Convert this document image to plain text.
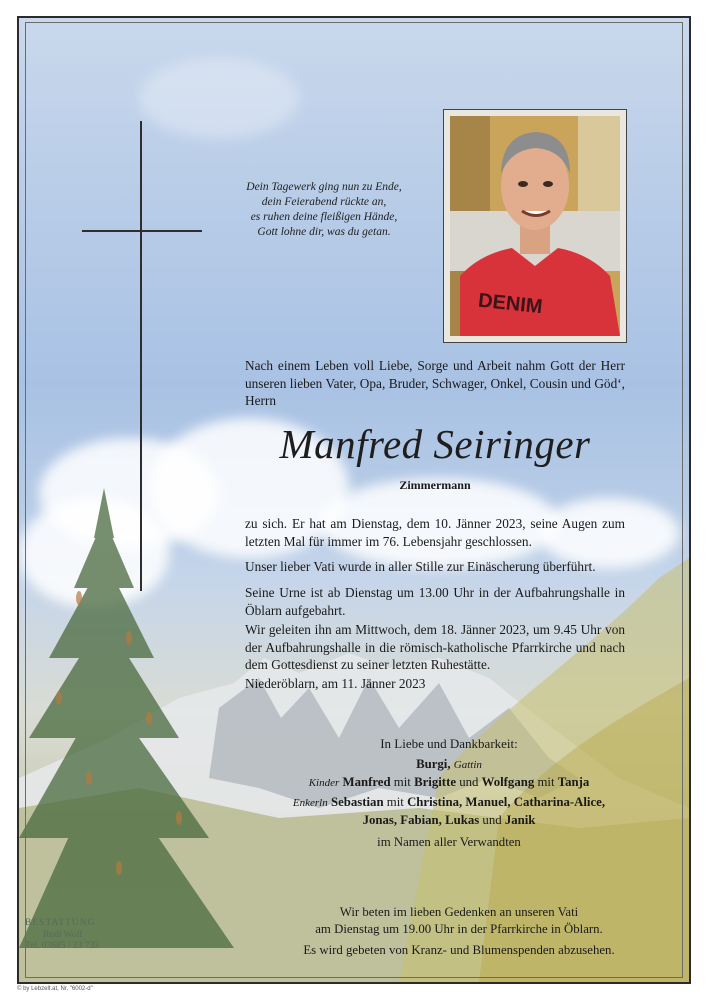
Dein Tagewerk ging nun zu Ende,
dein Feierabend rückte an,
es ruhen deine fleißigen Hände,
Gott lohne dir, was du getan.
DENIM
Nach einem Leben voll Liebe, Sorge und Arbeit nahm Gott der Herr unseren lieben Vater, Opa, Bruder, Schwager, Onkel, Cousin und Göd‘, Herrn
Manfred Seiringer
Zimmermann
zu sich. Er hat am Dienstag, dem 10. Jänner 2023, seine Augen zum letzten Mal für immer im 76. Lebensjahr geschlossen.
Unser lieber Vati wurde in aller Stille zur Einäscherung überführt.
Seine Urne ist ab Dienstag um 13.00 Uhr in der Aufbahrungshalle in Öblarn aufgebahrt.
Wir geleiten ihn am Mittwoch, dem 18. Jänner 2023, um 9.45 Uhr von der Aufbahrungshalle in die römisch-katholische Pfarrkirche und nach dem Gottesdienst zu seiner letzten Ruhestätte.
Niederöblarn, am 11. Jänner 2023
In Liebe und Dankbarkeit:
Burgi, Gattin
Kinder Manfred mit Brigitte und Wolfgang mit Tanja
Enkerln Sebastian mit Christina, Manuel, Catharina-Alice,
Jonas, Fabian, Lukas und Janik
im Namen aller Verwandten
Wir beten im lieben Gedenken an unseren Vati
am Dienstag um 19.00 Uhr in der Pfarrkirche in Öblarn.
Es wird gebeten von Kranz- und Blumenspenden abzusehen.
BESTATTUNG
Rudi Wolf
Tel. 03685 / 23 733
© by Lebzelt.at, Nr. "6002-d"
